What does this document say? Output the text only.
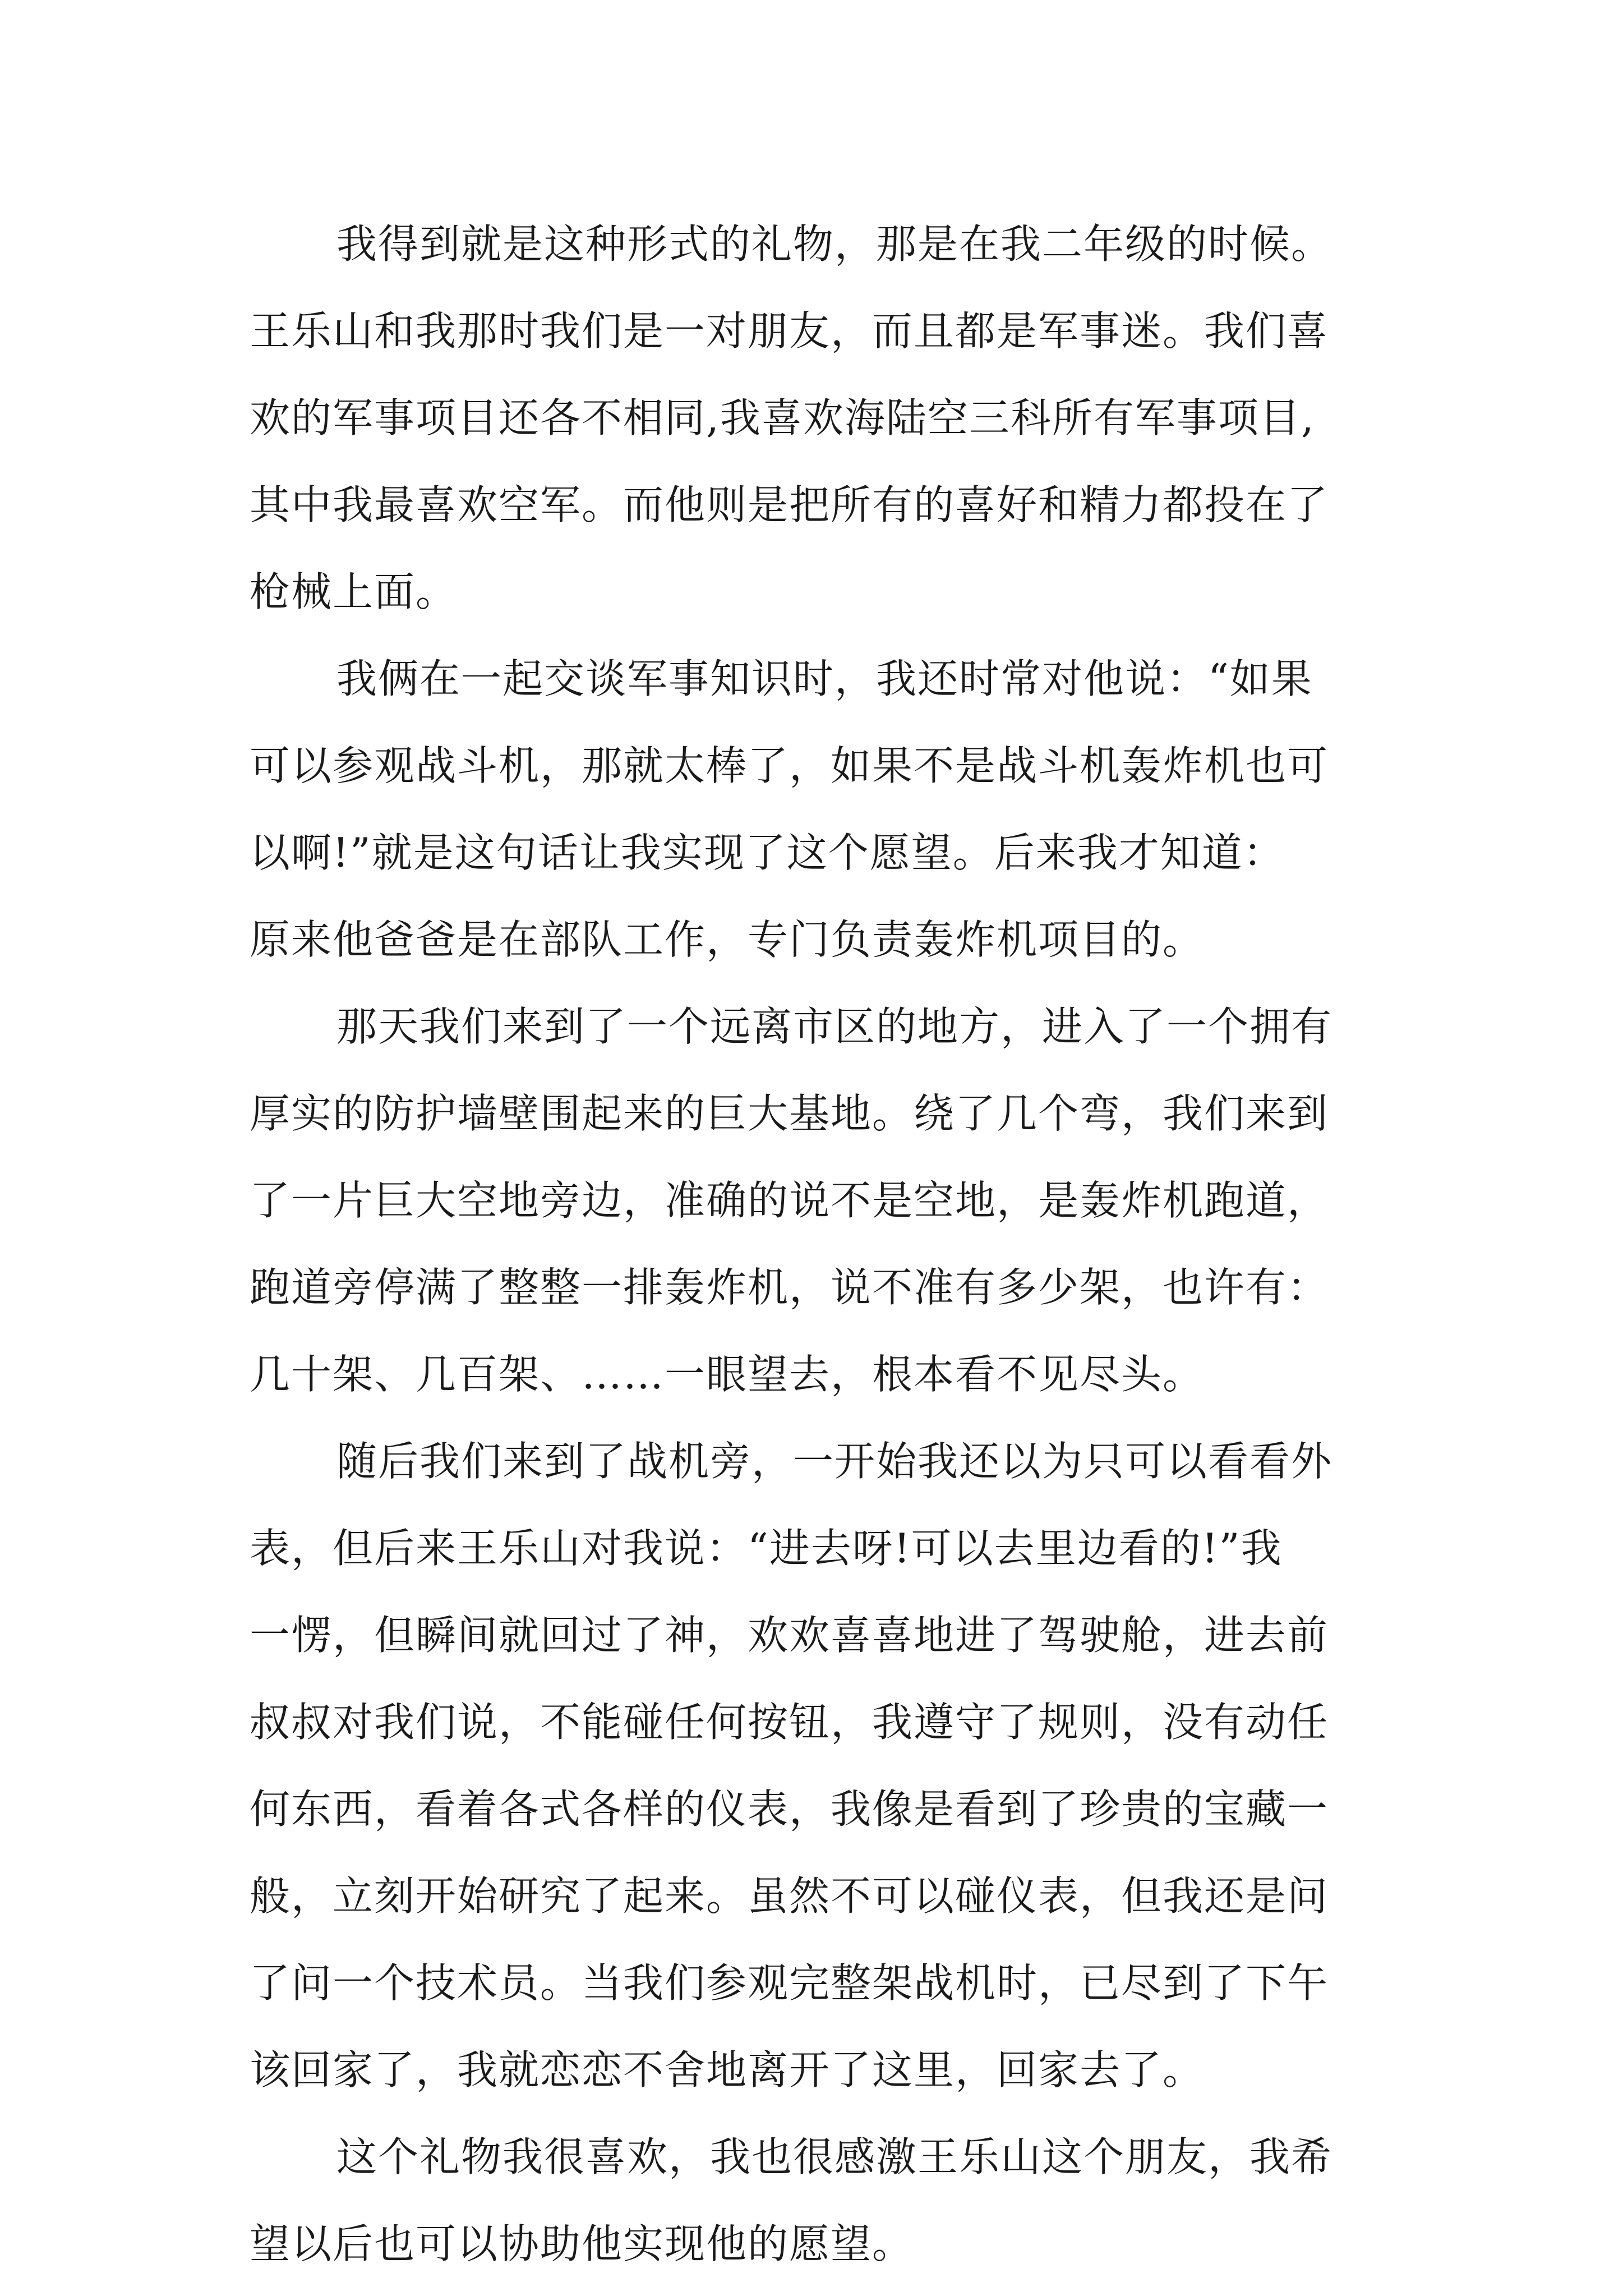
我得到就是这种形式的礼物，那是在我二年级的时候。
王乐山和我那时我们是一对朋友，而且都是军事迷。我们喜
欢的军事项目还各不相同,我喜欢海陆空三科所有军事项目,
其中我最喜欢空军。而他则是把所有的喜好和精力都投在了
枪械上面。
我俩在一起交谈军事知识时，我还时常对他说：“如果
可以参观战斗机，那就太棒了，如果不是战斗机轰炸机也可
以啊!”就是这句话让我实现了这个愿望。后来我才知道：
原来他爸爸是在部队工作，专门负责轰炸机项目的。
那天我们来到了一个远离市区的地方，进入了一个拥有
厚实的防护墙壁围起来的巨大基地。绕了几个弯，我们来到
了一片巨大空地旁边，准确的说不是空地，是轰炸机跑道，
跑道旁停满了整整一排轰炸机，说不准有多少架，也许有：
几十架、几百架、……一眼望去，根本看不见尽头。
随后我们来到了战机旁，一开始我还以为只可以看看外
表，但后来王乐山对我说：“进去呀!可以去里边看的!”我
一愣，但瞬间就回过了神，欢欢喜喜地进了驾驶舱，进去前
叔叔对我们说，不能碰任何按钮，我遵守了规则，没有动任
何东西，看着各式各样的仪表，我像是看到了珍贵的宝藏一
般，立刻开始研究了起来。虽然不可以碰仪表，但我还是问
了问一个技术员。当我们参观完整架战机时，已尽到了下午
该回家了，我就恋恋不舍地离开了这里，回家去了。
这个礼物我很喜欢，我也很感激王乐山这个朋友，我希
望以后也可以协助他实现他的愿望。
